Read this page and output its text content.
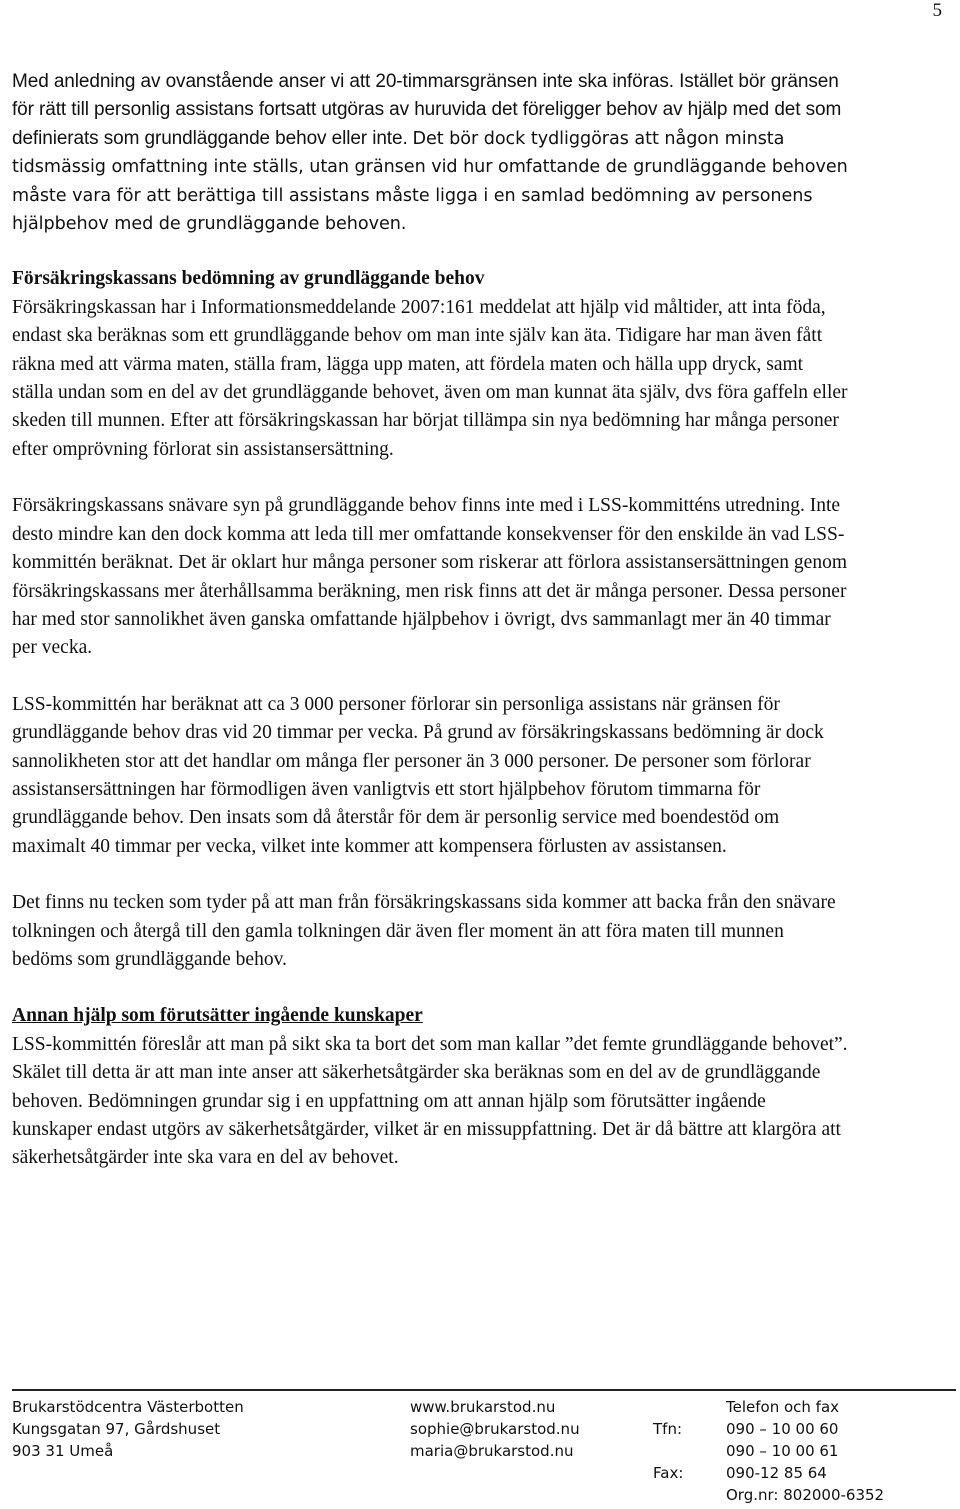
5

Med anledning av ovanstående anser vi att 20-timmarsgränsen inte ska införas. Istället bör gränsen för rätt till personlig assistans fortsatt utgöras av huruvida det föreligger behov av hjälp med det som definierats som grundläggande behov eller inte. Det bör dock tydliggöras att någon minsta tidsmässig omfattning inte ställs, utan gränsen vid hur omfattande de grundläggande behoven måste vara för att berättiga till assistans måste ligga i en samlad bedömning av personens hjälpbehov med de grundläggande behoven.

Försäkringskassans bedömning av grundläggande behov

Försäkringskassan har i Informationsmeddelande 2007:161 meddelat att hjälp vid måltider, att inta föda, endast ska beräknas som ett grundläggande behov om man inte själv kan äta. Tidigare har man även fått räkna med att värma maten, ställa fram, lägga upp maten, att fördela maten och hälla upp dryck, samt ställa undan som en del av det grundläggande behovet, även om man kunnat äta själv, dvs föra gaffeln eller skeden till munnen. Efter att försäkringskassan har börjat tillämpa sin nya bedömning har många personer efter omprövning förlorat sin assistansersättning.

Försäkringskassans snävare syn på grundläggande behov finns inte med i LSS-kommitténs utredning. Inte desto mindre kan den dock komma att leda till mer omfattande konsekvenser för den enskilde än vad LSS-kommittén beräknat. Det är oklart hur många personer som riskerar att förlora assistansersättningen genom försäkringskassans mer återhållsamma beräkning, men risk finns att det är många personer. Dessa personer har med stor sannolikhet även ganska omfattande hjälpbehov i övrigt, dvs sammanlagt mer än 40 timmar per vecka.

LSS-kommittén har beräknat att ca 3 000 personer förlorar sin personliga assistans när gränsen för grundläggande behov dras vid 20 timmar per vecka. På grund av försäkringskassans bedömning är dock sannolikheten stor att det handlar om många fler personer än 3 000 personer. De personer som förlorar assistansersättningen har förmodligen även vanligtvis ett stort hjälpbehov förutom timmarna för grundläggande behov. Den insats som då återstår för dem är personlig service med boendestöd om maximalt 40 timmar per vecka, vilket inte kommer att kompensera förlusten av assistansen.

Det finns nu tecken som tyder på att man från försäkringskassans sida kommer att backa från den snävare tolkningen och återgå till den gamla tolkningen där även fler moment än att föra maten till munnen bedöms som grundläggande behov.

Annan hjälp som förutsätter ingående kunskaper

LSS-kommittén föreslår att man på sikt ska ta bort det som man kallar ”det femte grundläggande behovet”. Skälet till detta är att man inte anser att säkerhetsåtgärder ska beräknas som en del av de grundläggande behoven. Bedömningen grundar sig i en uppfattning om att annan hjälp som förutsätter ingående kunskaper endast utgörs av säkerhetsåtgärder, vilket är en missuppfattning. Det är då bättre att klargöra att säkerhetsåtgärder inte ska vara en del av behovet.

Brukarstödcentra Västerbotten
Kungsgatan 97, Gårdshuset
903 31 Umeå
www.brukarstod.nu
sophie@brukarstod.nu
maria@brukarstod.nu

Tfn:

Fax:
Telefon och fax
090 – 10 00 60
090 – 10 00 61
090-12 85 64
Org.nr: 802000-6352
